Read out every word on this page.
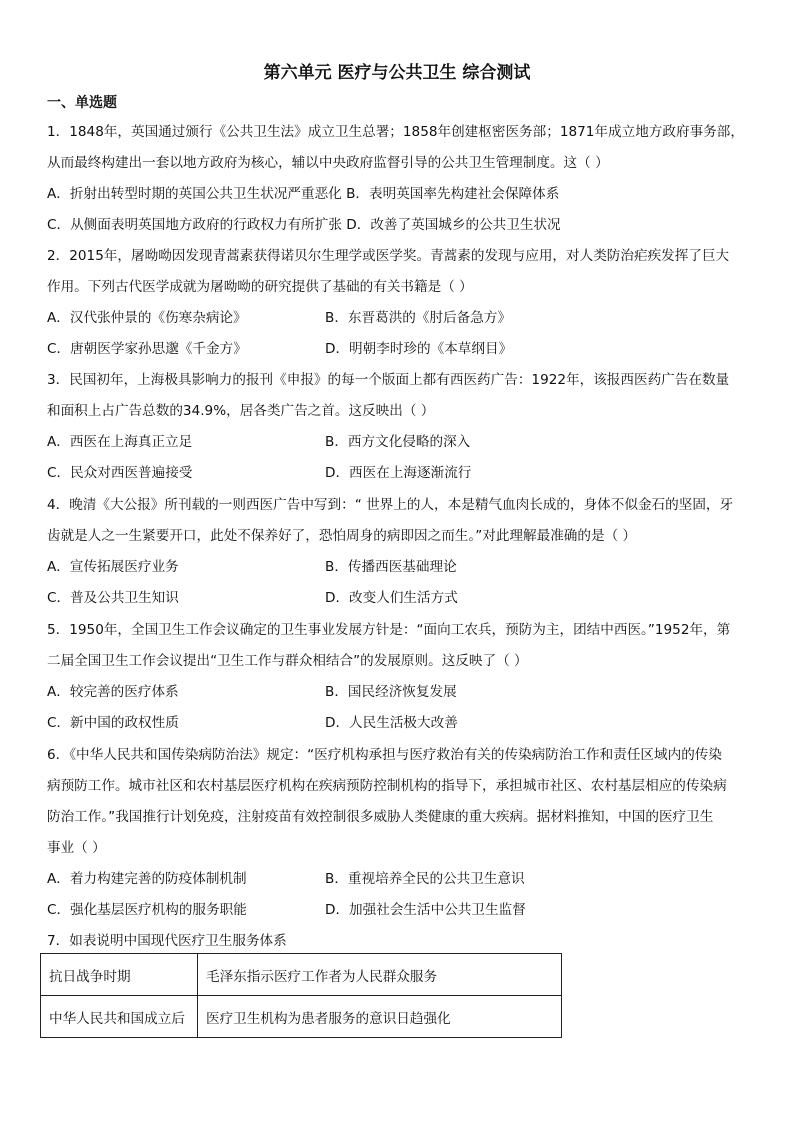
第六单元 医疗与公共卫生 综合测试
一、单选题
1．1848年，英国通过颁行《公共卫生法》成立卫生总署；1858年创建枢密医务部；1871年成立地方政府事务部，
从而最终构建出一套以地方政府为核心，辅以中央政府监督引导的公共卫生管理制度。这（ ）
A．折射出转型时期的英国公共卫生状况严重恶化 B．表明英国率先构建社会保障体系
C．从侧面表明英国地方政府的行政权力有所扩张 D．改善了英国城乡的公共卫生状况
2．2015年，屠呦呦因发现青蒿素获得诺贝尔生理学或医学奖。青蒿素的发现与应用，对人类防治疟疾发挥了巨大
作用。下列古代医学成就为屠呦呦的研究提供了基础的有关书籍是（ ）
A．汉代张仲景的《伤寒杂病论》	B．东晋葛洪的《肘后备急方》
C．唐朝医学家孙思邈《千金方》	D．明朝李时珍的《本草纲目》
3．民国初年，上海极具影响力的报刊《申报》的每一个版面上都有西医药广告：1922年，该报西医药广告在数量
和面积上占广告总数的34.9%，居各类广告之首。这反映出（ ）
A．西医在上海真正立足	B．西方文化侵略的深入
C．民众对西医普遍接受	D．西医在上海逐渐流行
4．晚清《大公报》所刊载的一则西医广告中写到：“ 世界上的人，本是精气血肉长成的，身体不似金石的坚固，牙
齿就是人之一生紧要开口，此处不保养好了，恐怕周身的病即因之而生。”对此理解最准确的是（ ）
A．宣传拓展医疗业务	B．传播西医基础理论
C．普及公共卫生知识	D．改变人们生活方式
5．1950年，全国卫生工作会议确定的卫生事业发展方针是：“面向工农兵，预防为主，团结中西医。”1952年，第
二届全国卫生工作会议提出“卫生工作与群众相结合”的发展原则。这反映了（ ）
A．较完善的医疗体系	B．国民经济恢复发展
C．新中国的政权性质	D．人民生活极大改善
6．《中华人民共和国传染病防治法》规定：“医疗机构承担与医疗救治有关的传染病防治工作和责任区域内的传染
病预防工作。城市社区和农村基层医疗机构在疾病预防控制机构的指导下，承担城市社区、农村基层相应的传染病
防治工作。”我国推行计划免疫，注射疫苗有效控制很多威胁人类健康的重大疾病。据材料推知，中国的医疗卫生
事业（ ）
A．着力构建完善的防疫体制机制	B．重视培养全民的公共卫生意识
C．强化基层医疗机构的服务职能	D．加强社会生活中公共卫生监督
7．如表说明中国现代医疗卫生服务体系
抗日战争时期	毛泽东指示医疗工作者为人民群众服务
中华人民共和国成立后	医疗卫生机构为患者服务的意识日趋强化
